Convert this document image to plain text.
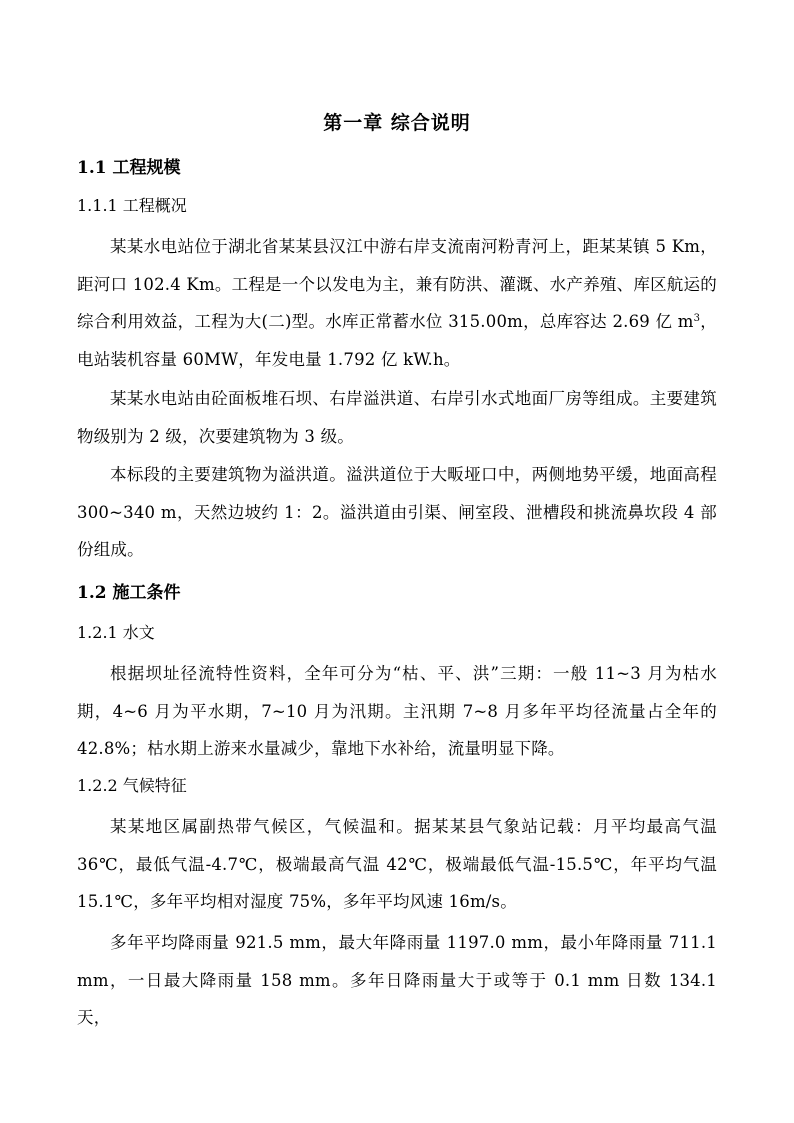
第一章 综合说明
1.1 工程规模
1.1.1 工程概况
某某水电站位于湖北省某某县汉江中游右岸支流南河粉青河上，距某某镇 5 Km，距河口 102.4 Km。工程是一个以发电为主，兼有防洪、灌溉、水产养殖、库区航运的综合利用效益，工程为大(二)型。水库正常蓄水位 315.00m，总库容达 2.69 亿 $m^3$，电站装机容量 60MW，年发电量 1.792 亿 kW.h。
某某水电站由砼面板堆石坝、右岸溢洪道、右岸引水式地面厂房等组成。主要建筑物级别为 2 级，次要建筑物为 3 级。
本标段的主要建筑物为溢洪道。溢洪道位于大畈垭口中，两侧地势平缓，地面高程 300~340 m，天然边坡约 1：2。溢洪道由引渠、闸室段、泄槽段和挑流鼻坎段 4 部份组成。
1.2 施工条件
1.2.1 水文
根据坝址径流特性资料，全年可分为“枯、平、洪”三期：一般 11~3 月为枯水期，4~6 月为平水期，7~10 月为汛期。主汛期 7~8 月多年平均径流量占全年的 42.8%；枯水期上游来水量减少，靠地下水补给，流量明显下降。
1.2.2 气候特征
某某地区属副热带气候区，气候温和。据某某县气象站记载：月平均最高气温 36℃，最低气温-4.7℃，极端最高气温 42℃，极端最低气温-15.5℃，年平均气温 15.1℃，多年平均相对湿度 75%，多年平均风速 16m/s。
多年平均降雨量 921.5 mm，最大年降雨量 1197.0 mm，最小年降雨量 711.1 mm，一日最大降雨量 158 mm。多年日降雨量大于或等于 0.1 mm 日数 134.1 天，
